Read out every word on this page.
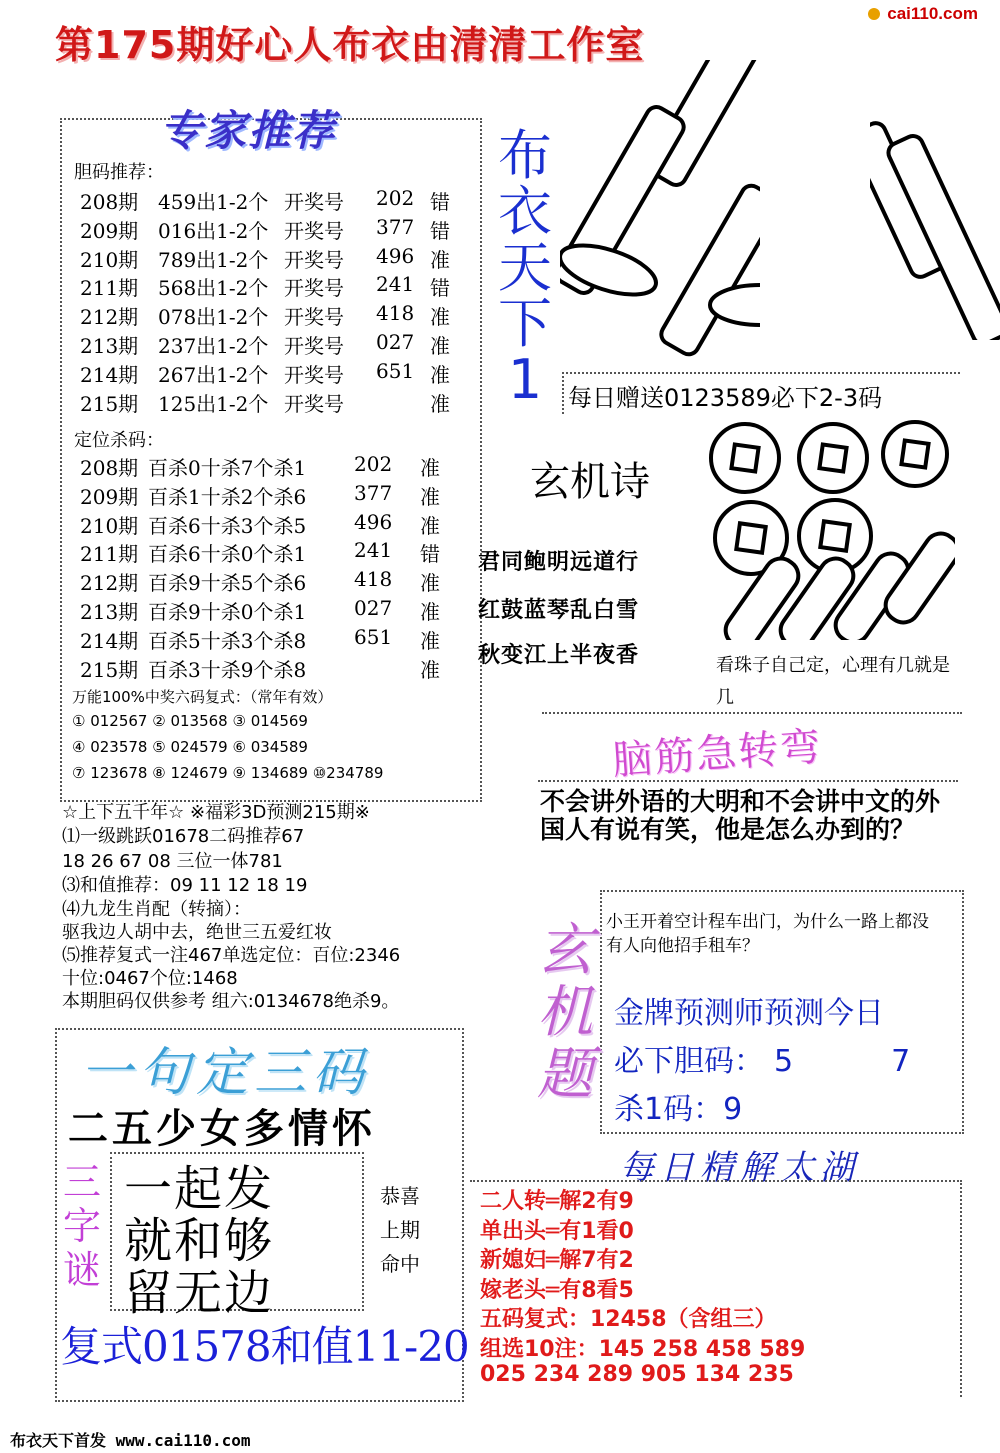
第175期好心人布衣由清清工作室
cai110.com
专家推荐
胆码推荐：
208期 459出1-2个 开奖号 202 错
209期 016出1-2个 开奖号 377 错
210期 789出1-2个 开奖号 496 准
211期 568出1-2个 开奖号 241 错
212期 078出1-2个 开奖号 418 准
213期 237出1-2个 开奖号 027 准
214期 267出1-2个 开奖号 651 准
215期 125出1-2个 开奖号	准
定位杀码：
208期 百杀0十杀7个杀1 202 准
209期 百杀1十杀2个杀6 377 准
210期 百杀6十杀3个杀5 496 准
211期 百杀6十杀0个杀1 241 错
212期 百杀9十杀5个杀6 418 准
213期 百杀9十杀0个杀1 027 准
214期 百杀5十杀3个杀8 651 准
215期 百杀3十杀9个杀8	准
万能100%中奖六码复式：（常年有效）
① 012567 ② 013568 ③ 014569
④ 023578 ⑤ 024579 ⑥ 034589
⑦ 123678 ⑧ 124679 ⑨ 134689 ⑩234789
☆上下五千年☆ ※福彩3D预测215期※
⑴一级跳跃01678二码推荐67
18 26 67 08 三位一体781
⑶和值推荐：09 11 12 18 19
⑷九龙生肖配（转摘）：
驱我边人胡中去，绝世三五爱红妆
⑸推荐复式一注467单选定位：百位:2346
十位:0467个位:1468
本期胆码仅供参考 组六:0134678绝杀9。
布
衣
天
下
1	每日赠送0123589必下2-3码
玄机诗
君同鲍明远道行
红鼓蓝琴乱白雪
秋变江上半夜香	看珠子自己定，心理有几就是几
脑筋急转弯
不会讲外语的大明和不会讲中文的外国人有说有笑，他是怎么办到的？
玄
机
题
小王开着空计程车出门，为什么一路上都没有人向他招手租车？
金牌预测师预测今日
必下胆码： 5	7
杀1码：9
每日精解太湖
二人转═解2有9
单出头═有1看0
新媳妇═解7有2
嫁老头═有8看5
五码复式：12458（含组三）
组选10注：145 258 458 589
025 234 289 905 134 235
一句定三码
二五少女多情怀
三
字
谜
一起发
就和够
留无边
恭喜
上期
命中
复式01578和值11-20
布衣天下首发 www.cai110.com
